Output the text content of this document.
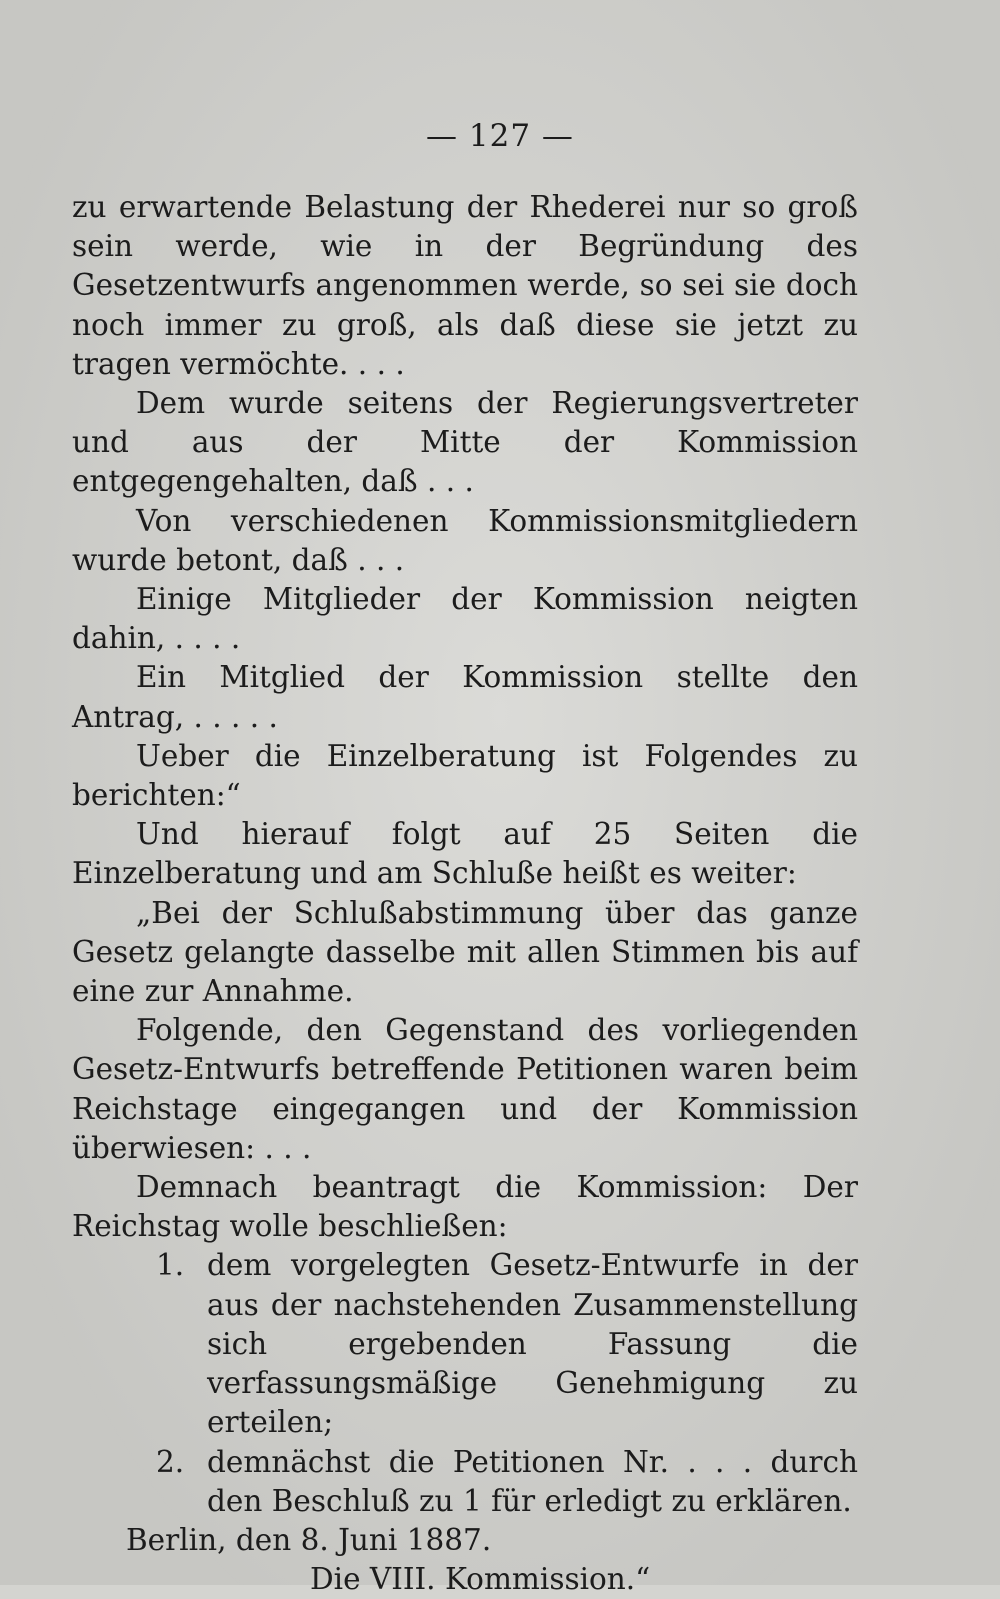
— 127 —

zu erwartende Belastung der Rhederei nur so groß sein werde, wie in der Begründung des Gesetzentwurfs angenommen werde, so sei sie doch noch immer zu groß, als daß diese sie jetzt zu tragen vermöchte. . . .

Dem wurde seitens der Regierungsvertreter und aus der Mitte der Kommission entgegengehalten, daß . . .

Von verschiedenen Kommissionsmitgliedern wurde betont, daß . . .

Einige Mitglieder der Kommission neigten dahin, . . . .

Ein Mitglied der Kommission stellte den Antrag, . . . . .

Ueber die Einzelberatung ist Folgendes zu berichten:“

Und hierauf folgt auf 25 Seiten die Einzelberatung und am Schluße heißt es weiter:

„Bei der Schlußabstimmung über das ganze Gesetz gelangte dasselbe mit allen Stimmen bis auf eine zur Annahme.

Folgende, den Gegenstand des vorliegenden Gesetz-Entwurfs betreffende Petitionen waren beim Reichstage eingegangen und der Kommission überwiesen: . . .

Demnach beantragt die Kommission: Der Reichstag wolle beschließen:

1. dem vorgelegten Gesetz-Entwurfe in der aus der nachstehenden Zusammenstellung sich ergebenden Fassung die verfassungsmäßige Genehmigung zu erteilen;
2. demnächst die Petitionen Nr. . . . durch den Beschluß zu 1 für erledigt zu erklären.

Berlin, den 8. Juni 1887.

Die VIII. Kommission.“
